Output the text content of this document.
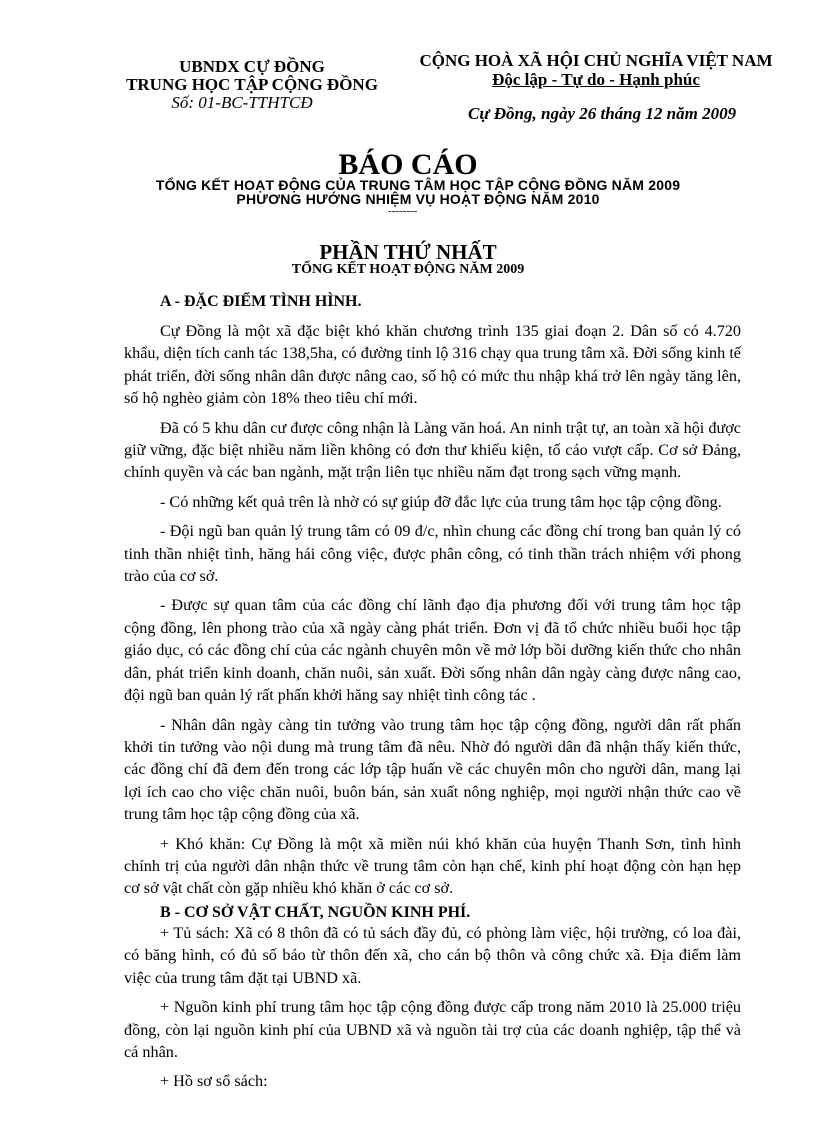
UBNDX CỰ ĐỒNG
TRUNG HỌC TẬP CỘNG ĐỒNG
Số: 01-BC-TTHTCĐ
CỘNG HOÀ XÃ HỘI CHỦ NGHĨA VIỆT NAM
Độc lập - Tự do - Hạnh phúc
Cự Đồng, ngày 26 tháng 12 năm 2009
BÁO CÁO
TỔNG KẾT HOẠT ĐỘNG CỦA TRUNG TÂM HỌC TẬP CỘNG ĐỒNG NĂM 2009
PHƯƠNG HƯỚNG NHIỆM VỤ HOẠT ĐỘNG NĂM 2010
--------
PHẦN THỨ NHẤT
TỔNG KẾT HOẠT ĐỘNG NĂM 2009
A - ĐẶC ĐIỂM TÌNH HÌNH.

Cự Đồng là một xã đặc biệt khó khăn chương trình 135 giai đoạn 2. Dân số có 4.720 khẩu, diện tích canh tác 138,5ha, có đường tỉnh lộ 316 chạy qua trung tâm xã. Đời sống kinh tế phát triển, đời sống nhân dân được nâng cao, số hộ có mức thu nhập khá trở lên ngày tăng lên, số hộ nghèo giảm còn 18% theo tiêu chí mới.

Đã có 5 khu dân cư được công nhận là Làng văn hoá. An ninh trật tự, an toàn xã hội được giữ vững, đặc biệt nhiều năm liền không có đơn thư khiếu kiện, tố cáo vượt cấp. Cơ sở Đảng, chính quyền và các ban ngành, mặt trận liên tục nhiều năm đạt trong sạch vững mạnh.

- Có những kết quả trên là nhờ có sự giúp đỡ đắc lực của trung tâm học tập cộng đồng.

- Đội ngũ ban quản lý trung tâm có 09 đ/c, nhìn chung các đồng chí trong ban quản lý có tinh thần nhiệt tình, hăng hái công việc, được phân công, có tinh thần trách nhiệm với phong trào của cơ sở.

- Được sự quan tâm của các đồng chí lãnh đạo địa phương đối với trung tâm học tập cộng đồng, lên phong trào của xã ngày càng phát triển. Đơn vị đã tổ chức nhiều buổi học tập giáo dục, có các đồng chí của các ngành chuyên môn về mở lớp bồi dưỡng kiến thức cho nhân dân, phát triển kinh doanh, chăn nuôi, sản xuất. Đời sống nhân dân ngày càng được nâng cao, đội ngũ ban quản lý rất phấn khởi hăng say nhiệt tình công tác .

- Nhân dân ngày càng tin tưởng vào trung tâm học tập cộng đồng, người dân rất phấn khởi tin tưởng vào nội dung mà trung tâm đã nêu. Nhờ đó người dân đã nhận thấy kiến thức, các đồng chí đã đem đến trong các lớp tập huấn về các chuyên môn cho người dân, mang lại lợi ích cao cho việc chăn nuôi, buôn bán, sản xuất nông nghiệp, mọi người nhận thức cao về trung tâm học tập cộng đồng của xã.

+ Khó khăn: Cự Đồng là một xã miền núi khó khăn của huyện Thanh Sơn, tình hình chính trị của người dân nhận thức về trung tâm còn hạn chế, kinh phí hoạt động còn hạn hẹp cơ sở vật chất còn gặp nhiều khó khăn ở các cơ sở.

B - CƠ SỞ VẬT CHẤT, NGUỒN KINH PHÍ.

+ Tủ sách: Xã có 8 thôn đã có tủ sách đầy đủ, có phòng làm việc, hội trường, có loa đài, có băng hình, có đủ số báo từ thôn đến xã, cho cán bộ thôn và công chức xã. Địa điểm làm việc của trung tâm đặt tại UBND xã.

+ Nguồn kinh phí trung tâm học tập cộng đồng được cấp trong năm 2010 là 25.000 triệu đồng, còn lại nguồn kinh phí của UBND xã và nguồn tài trợ của các doanh nghiệp, tập thể và cá nhân.

+ Hồ sơ sổ sách:
